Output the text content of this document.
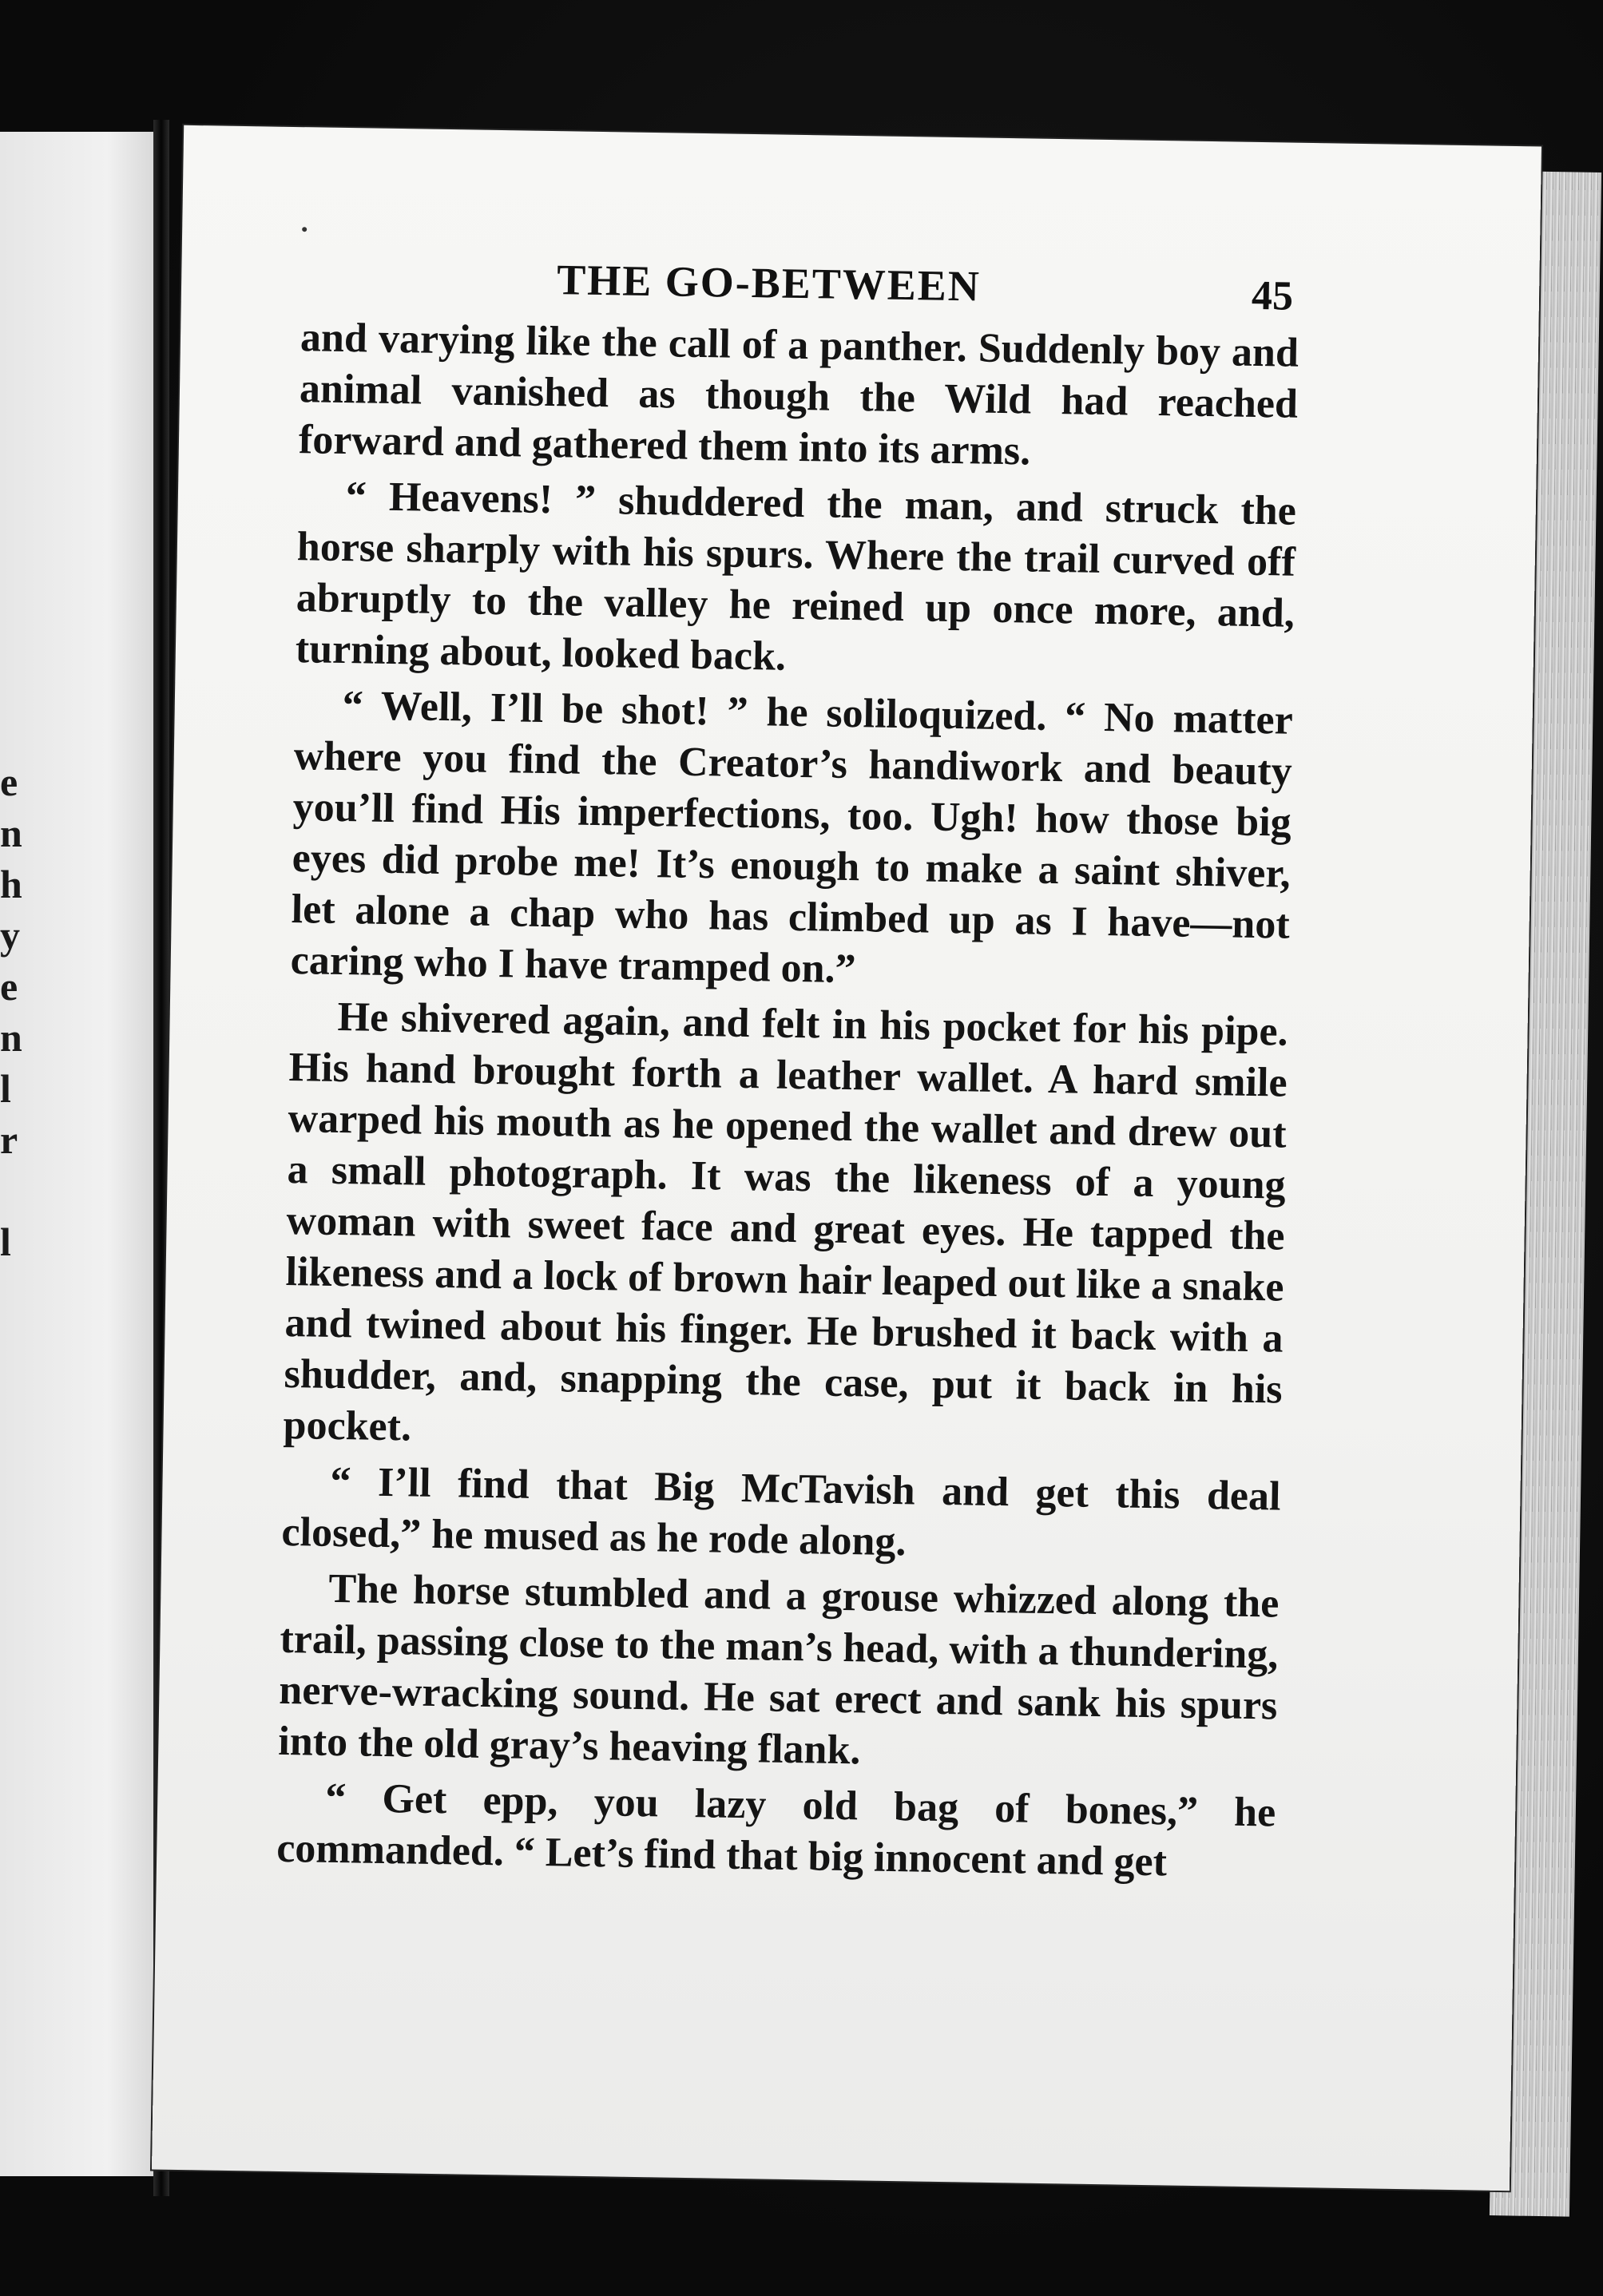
e
n
h
y
e
n
l
r
l
THE GO-BETWEEN	45

and varying like the call of a panther. Suddenly boy and animal vanished as though the Wild had reached forward and gathered them into its arms.

“ Heavens! ” shuddered the man, and struck the horse sharply with his spurs. Where the trail curved off abruptly to the valley he reined up once more, and, turning about, looked back.

“ Well, I’ll be shot! ” he soliloquized. “ No matter where you find the Creator’s handiwork and beauty you’ll find His imperfections, too. Ugh! how those big eyes did probe me! It’s enough to make a saint shiver, let alone a chap who has climbed up as I have—not caring who I have tramped on.”

He shivered again, and felt in his pocket for his pipe. His hand brought forth a leather wallet. A hard smile warped his mouth as he opened the wallet and drew out a small photograph. It was the likeness of a young woman with sweet face and great eyes. He tapped the likeness and a lock of brown hair leaped out like a snake and twined about his finger. He brushed it back with a shudder, and, snapping the case, put it back in his pocket.

“ I’ll find that Big McTavish and get this deal closed,” he mused as he rode along.

The horse stumbled and a grouse whizzed along the trail, passing close to the man’s head, with a thundering, nerve-wracking sound. He sat erect and sank his spurs into the old gray’s heaving flank.

“ Get epp, you lazy old bag of bones,” he commanded. “ Let’s find that big innocent and get
